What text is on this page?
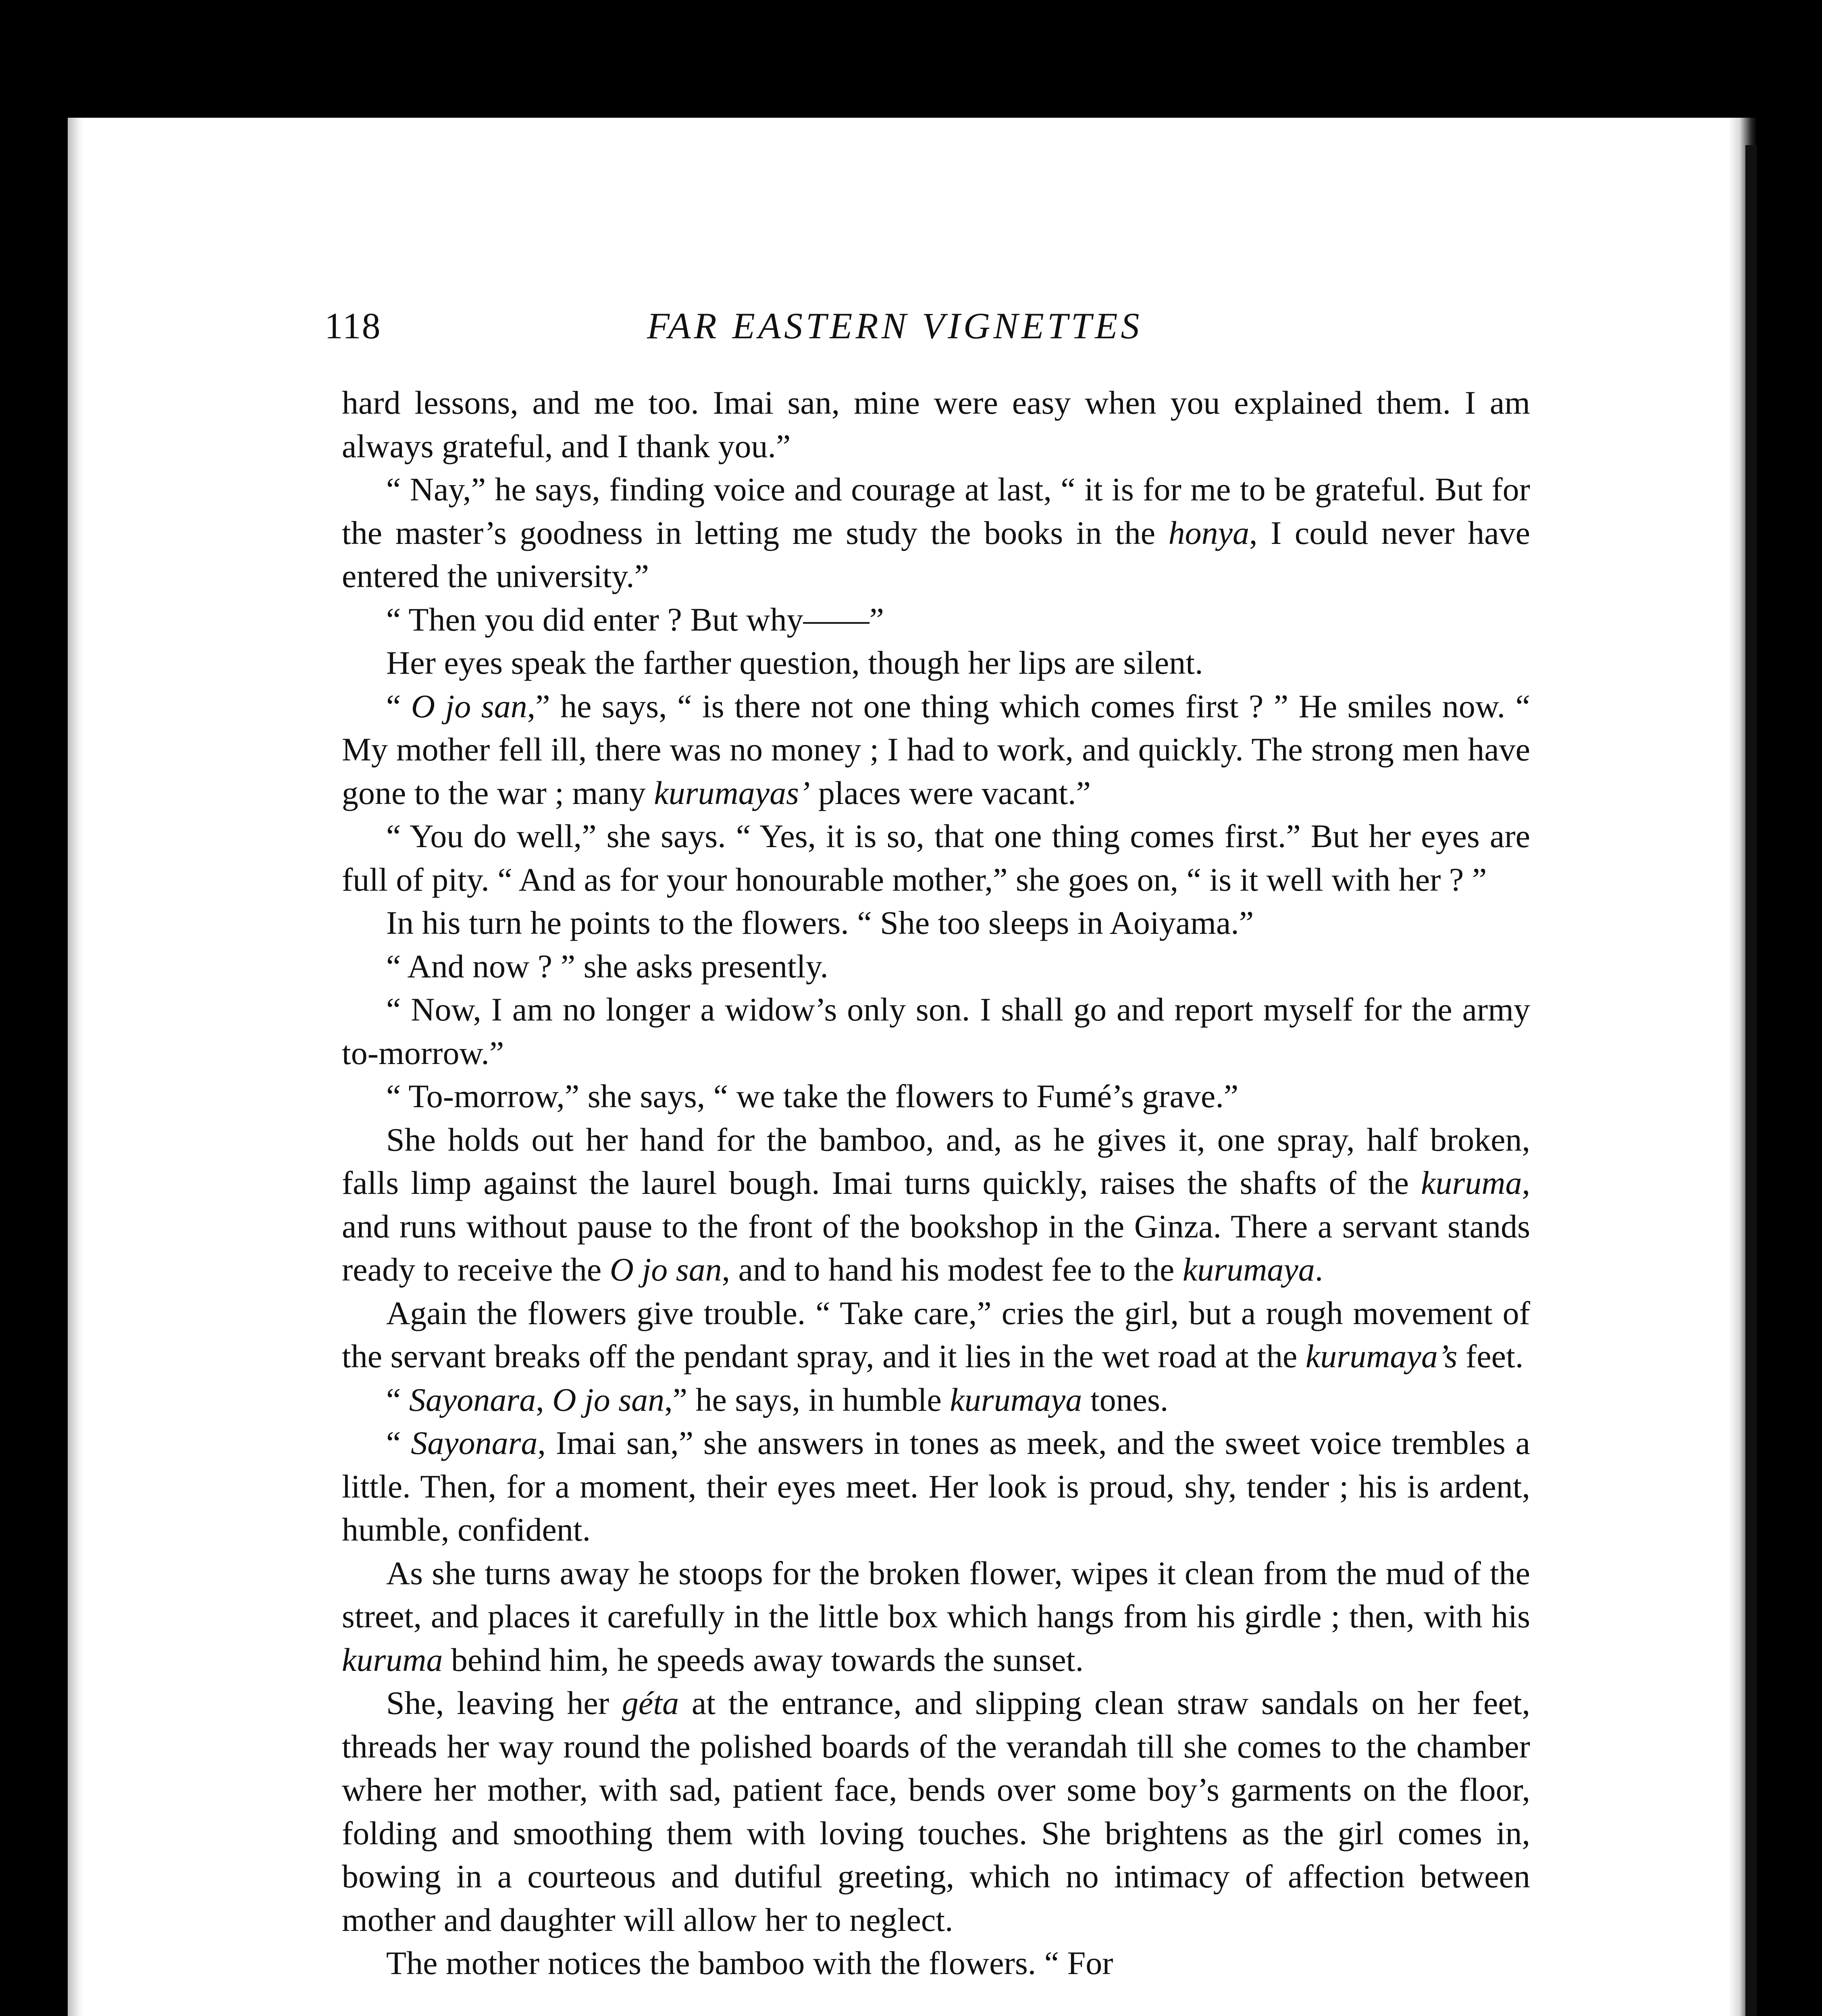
118	FAR EASTERN VIGNETTES

hard lessons, and me too. Imai san, mine were easy when you explained them. I am always grateful, and I thank you.”

“ Nay,” he says, finding voice and courage at last, “ it is for me to be grateful. But for the master’s goodness in letting me study the books in the honya, I could never have entered the university.”

“ Then you did enter ? But why——”

Her eyes speak the farther question, though her lips are silent.

“ O jo san,” he says, “ is there not one thing which comes first ? ” He smiles now. “ My mother fell ill, there was no money ; I had to work, and quickly. The strong men have gone to the war ; many kurumayas’ places were vacant.”

“ You do well,” she says. “ Yes, it is so, that one thing comes first.” But her eyes are full of pity. “ And as for your honourable mother,” she goes on, “ is it well with her ? ”

In his turn he points to the flowers. “ She too sleeps in Aoiyama.”

“ And now ? ” she asks presently.

“ Now, I am no longer a widow’s only son. I shall go and report myself for the army to-morrow.”

“ To-morrow,” she says, “ we take the flowers to Fumé’s grave.”

She holds out her hand for the bamboo, and, as he gives it, one spray, half broken, falls limp against the laurel bough. Imai turns quickly, raises the shafts of the kuruma, and runs without pause to the front of the bookshop in the Ginza. There a servant stands ready to receive the O jo san, and to hand his modest fee to the kurumaya.

Again the flowers give trouble. “ Take care,” cries the girl, but a rough movement of the servant breaks off the pendant spray, and it lies in the wet road at the kurumaya’s feet.

“ Sayonara, O jo san,” he says, in humble kurumaya tones.

“ Sayonara, Imai san,” she answers in tones as meek, and the sweet voice trembles a little. Then, for a moment, their eyes meet. Her look is proud, shy, tender ; his is ardent, humble, confident.

As she turns away he stoops for the broken flower, wipes it clean from the mud of the street, and places it carefully in the little box which hangs from his girdle ; then, with his kuruma behind him, he speeds away towards the sunset.

She, leaving her géta at the entrance, and slipping clean straw sandals on her feet, threads her way round the polished boards of the verandah till she comes to the chamber where her mother, with sad, patient face, bends over some boy’s garments on the floor, folding and smoothing them with loving touches. She brightens as the girl comes in, bowing in a courteous and dutiful greeting, which no intimacy of affection between mother and daughter will allow her to neglect.

The mother notices the bamboo with the flowers. “ For
